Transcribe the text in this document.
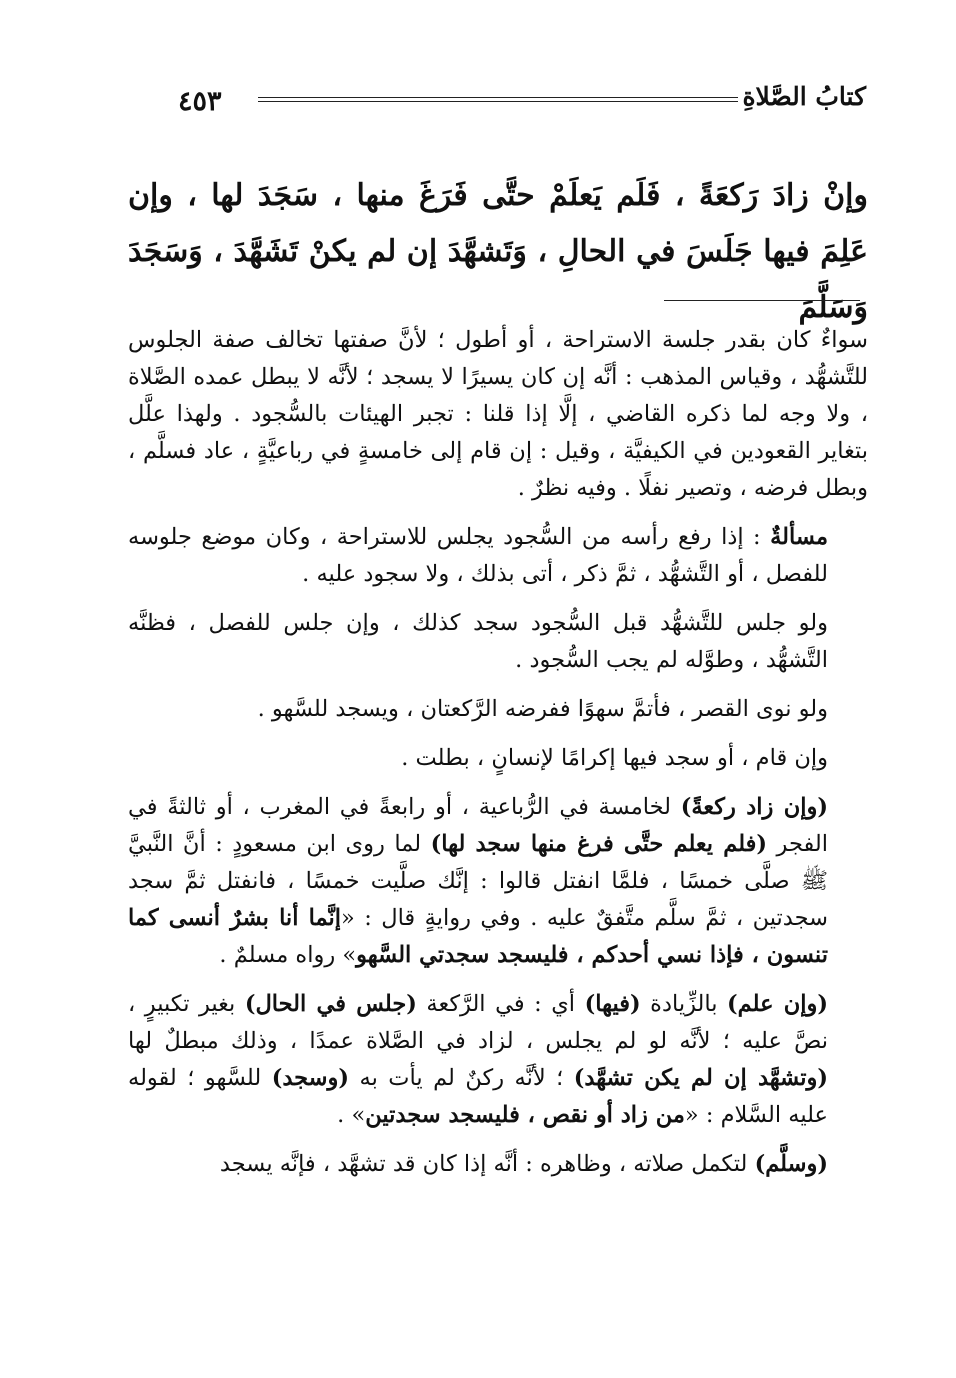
٤٥٣	كتابُ الصَّلاةِ
وإنْ زادَ رَكعَةً ، فَلَم يَعلَمْ حتَّى فَرَغَ منها ، سَجَدَ لها ، وإن عَلِمَ فيها جَلَسَ في الحالِ ، وَتَشهَّدَ إن لم يكنْ تَشَهَّدَ ، وَسَجَدَ وَسَلَّمَ

سواءٌ كان بقدر جلسة الاستراحة ، أو أطول ؛ لأنَّ صفتها تخالف صفة الجلوس للتَّشهُّد ، وقياس المذهب : أنَّه إن كان يسيرًا لا يسجد ؛ لأنَّه لا يبطل عمده الصَّلاة ، ولا وجه لما ذكره القاضي ، إلَّا إذا قلنا : تجبر الهيئات بالسُّجود . ولهذا علَّل بتغاير القعودين في الكيفيَّة ، وقيل : إن قام إلى خامسةٍ في رباعيَّةٍ ، عاد فسلَّم ، وبطل فرضه ، وتصير نفلًا . وفيه نظرٌ .

مسألةٌ : إذا رفع رأسه من السُّجود يجلس للاستراحة ، وكان موضع جلوسه للفصل ، أو التَّشهُّد ، ثمَّ ذكر ، أتى بذلك ، ولا سجود عليه .

ولو جلس للتَّشهُّد قبل السُّجود سجد كذلك ، وإن جلس للفصل ، فظنَّه التَّشهُّد ، وطوَّله لم يجب السُّجود .

ولو نوى القصر ، فأتمَّ سهوًا ففرضه الرَّكعتان ، ويسجد للسَّهو .

وإن قام ، أو سجد فيها إكرامًا لإنسانٍ ، بطلت .

(وإن زاد ركعةً) لخامسة في الرُّباعية ، أو رابعةً في المغرب ، أو ثالثةً في الفجر (فلم يعلم حتَّى فرغ منها سجد لها) لما روى ابن مسعودٍ : أنَّ النَّبيَّ ﷺ صلَّى خمسًا ، فلمَّا انفتل قالوا : إنَّك صلَّيت خمسًا ، فانفتل ثمَّ سجد سجدتين ، ثمَّ سلَّم متَّفقٌ عليه . وفي روايةٍ قال : «إنَّما أنا بشرٌ أنسى كما تنسون ، فإذا نسي أحدكم ، فليسجد سجدتي السَّهو» رواه مسلمٌ .

(وإن علم) بالزِّيادة (فيها) أي : في الرَّكعة (جلس في الحال) بغير تكبيرٍ ، نصَّ عليه ؛ لأنَّه لو لم يجلس ، لزاد في الصَّلاة عمدًا ، وذلك مبطلٌ لها (وتشهَّد إن لم يكن تشهَّد) ؛ لأنَّه ركنٌ لم يأت به (وسجد) للسَّهو ؛ لقوله عليه السَّلام : «من زاد أو نقص ، فليسجد سجدتين» .

(وسلَّم) لتكمل صلاته ، وظاهره : أنَّه إذا كان قد تشهَّد ، فإنَّه يسجد
